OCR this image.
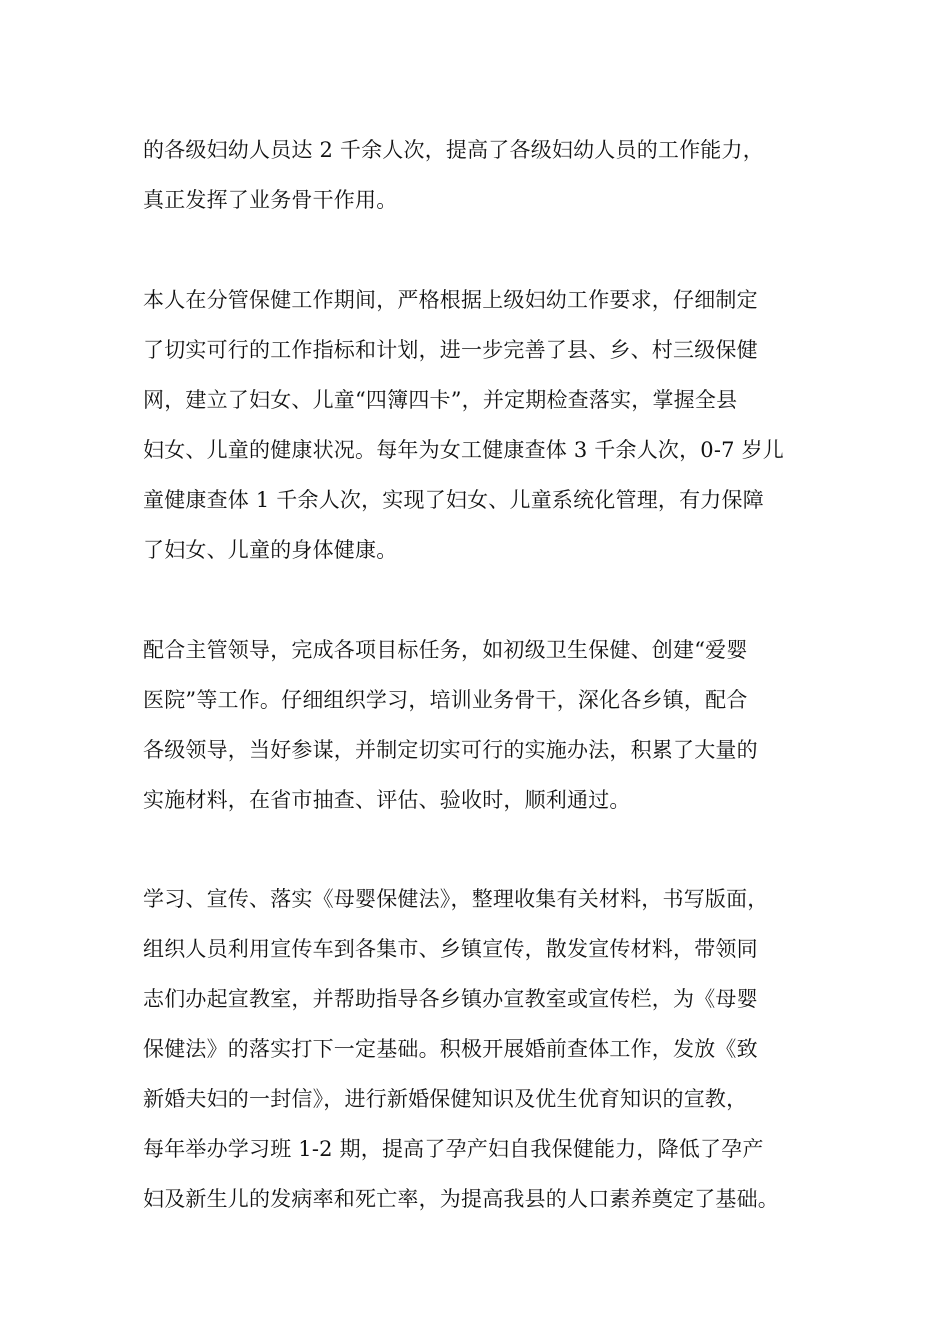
的各级妇幼人员达 2 千余人次，提高了各级妇幼人员的工作能力，
真正发挥了业务骨干作用。
本人在分管保健工作期间，严格根据上级妇幼工作要求，仔细制定
了切实可行的工作指标和计划，进一步完善了县、乡、村三级保健
网，建立了妇女、儿童“四簿四卡”，并定期检查落实，掌握全县
妇女、儿童的健康状况。每年为女工健康查体 3 千余人次，0-7 岁儿
童健康查体 1 千余人次，实现了妇女、儿童系统化管理，有力保障
了妇女、儿童的身体健康。
配合主管领导，完成各项目标任务，如初级卫生保健、创建“爱婴
医院”等工作。仔细组织学习，培训业务骨干，深化各乡镇，配合
各级领导，当好参谋，并制定切实可行的实施办法，积累了大量的
实施材料，在省市抽查、评估、验收时，顺利通过。
学习、宣传、落实《母婴保健法》，整理收集有关材料，书写版面，
组织人员利用宣传车到各集市、乡镇宣传，散发宣传材料，带领同
志们办起宣教室，并帮助指导各乡镇办宣教室或宣传栏，为《母婴
保健法》的落实打下一定基础。积极开展婚前查体工作，发放《致
新婚夫妇的一封信》，进行新婚保健知识及优生优育知识的宣教，
每年举办学习班 1-2 期，提高了孕产妇自我保健能力，降低了孕产
妇及新生儿的发病率和死亡率，为提高我县的人口素养奠定了基础。
